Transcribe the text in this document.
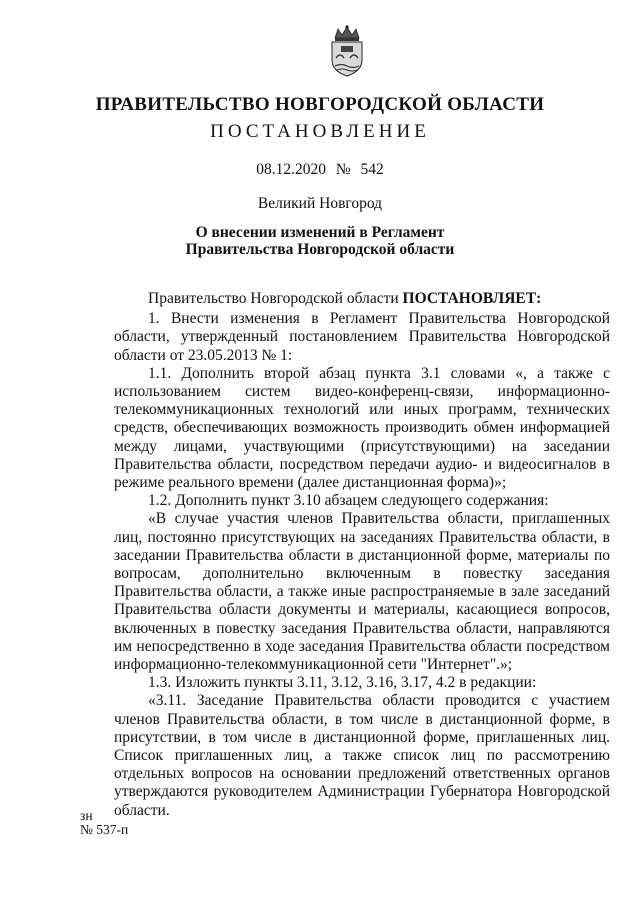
ПРАВИТЕЛЬСТВО НОВГОРОДСКОЙ ОБЛАСТИ
ПОСТАНОВЛЕНИЕ
08.12.2020 № 542
Великий Новгород
О внесении изменений в Регламент
Правительства Новгородской области

Правительство Новгородской области ПОСТАНОВЛЯЕТ:

1. Внести изменения в Регламент Правительства Новгородской области, утвержденный постановлением Правительства Новгородской области от 23.05.2013 № 1:

1.1. Дополнить второй абзац пункта 3.1 словами «, а также с использованием систем видео-конференц-связи, информационно-телекоммуникационных технологий или иных программ, технических средств, обеспечивающих возможность производить обмен информацией между лицами, участвующими (присутствующими) на заседании Правительства области, посредством передачи аудио- и видеосигналов в режиме реального времени (далее дистанционная форма)»;

1.2. Дополнить пункт 3.10 абзацем следующего содержания:

«В случае участия членов Правительства области, приглашенных лиц, постоянно присутствующих на заседаниях Правительства области, в заседании Правительства области в дистанционной форме, материалы по вопросам, дополнительно включенным в повестку заседания Правительства области, а также иные распространяемые в зале заседаний Правительства области документы и материалы, касающиеся вопросов, включенных в повестку заседания Правительства области, направляются им непосредственно в ходе заседания Правительства области посредством информационно-телекоммуникационной сети "Интернет".»;

1.3. Изложить пункты 3.11, 3.12, 3.16, 3.17, 4.2 в редакции:

«3.11. Заседание Правительства области проводится с участием членов Правительства области, в том числе в дистанционной форме, в присутствии, в том числе в дистанционной форме, приглашенных лиц. Список приглашенных лиц, а также список лиц по рассмотрению отдельных вопросов на основании предложений ответственных органов утверждаются руководителем Администрации Губернатора Новгородской области.

зн
№ 537-п
